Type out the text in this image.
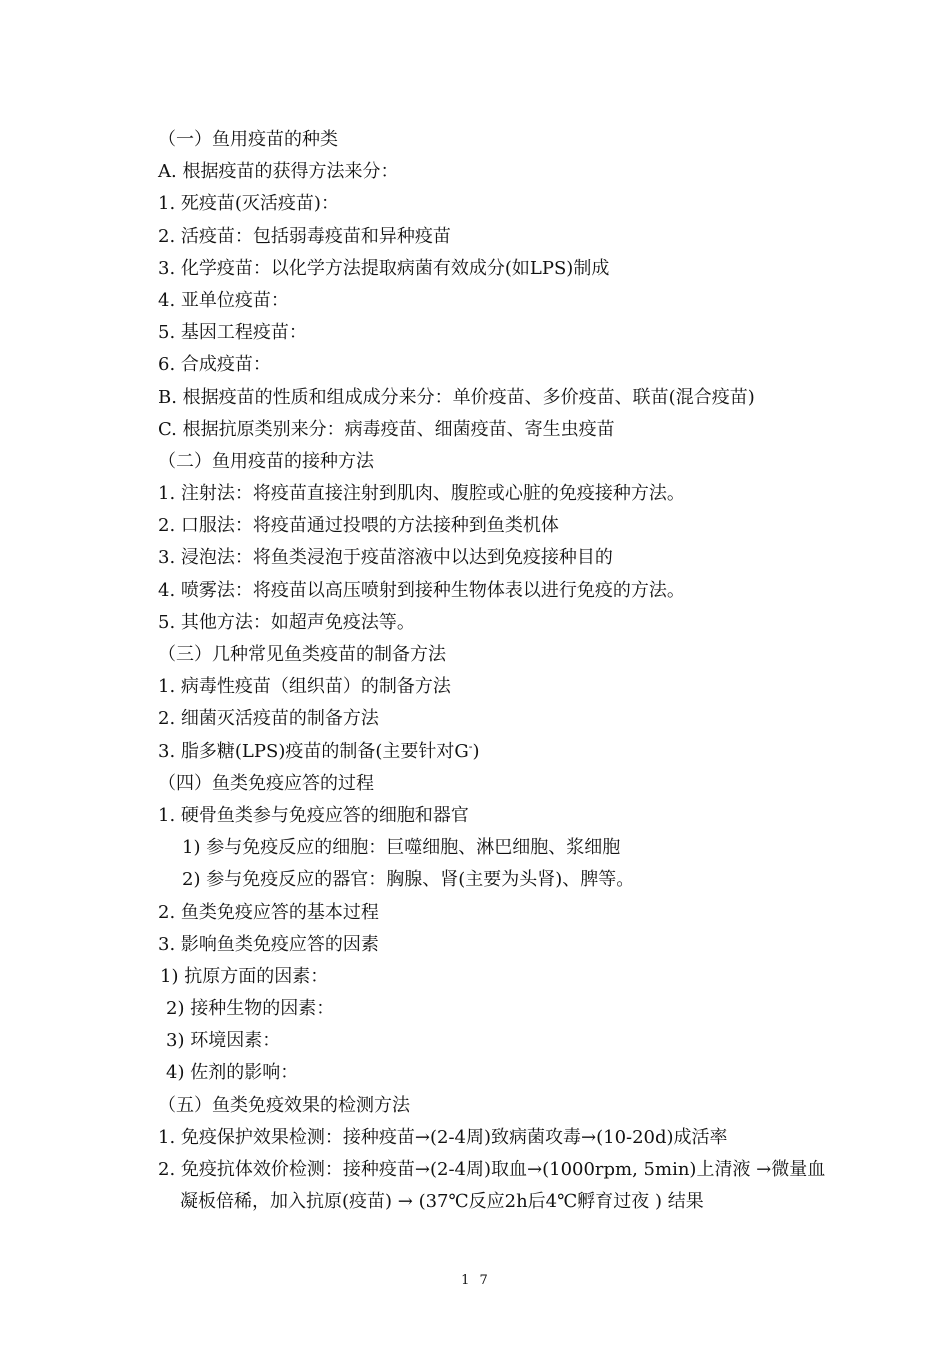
（一）鱼用疫苗的种类
A. 根据疫苗的获得方法来分：
1. 死疫苗(灭活疫苗)：
2. 活疫苗：包括弱毒疫苗和异种疫苗
3. 化学疫苗：以化学方法提取病菌有效成分(如LPS)制成
4. 亚单位疫苗：
5. 基因工程疫苗：
6. 合成疫苗：
B. 根据疫苗的性质和组成成分来分：单价疫苗、多价疫苗、联苗(混合疫苗)
C. 根据抗原类别来分：病毒疫苗、细菌疫苗、寄生虫疫苗
（二）鱼用疫苗的接种方法
1. 注射法：将疫苗直接注射到肌肉、腹腔或心脏的免疫接种方法。
2. 口服法：将疫苗通过投喂的方法接种到鱼类机体
3. 浸泡法：将鱼类浸泡于疫苗溶液中以达到免疫接种目的
4. 喷雾法：将疫苗以高压喷射到接种生物体表以进行免疫的方法。
5. 其他方法：如超声免疫法等。
（三）几种常见鱼类疫苗的制备方法
1. 病毒性疫苗（组织苗）的制备方法
2. 细菌灭活疫苗的制备方法
3. 脂多糖(LPS)疫苗的制备(主要针对G-)
（四）鱼类免疫应答的过程
1. 硬骨鱼类参与免疫应答的细胞和器官
1) 参与免疫反应的细胞：巨噬细胞、淋巴细胞、浆细胞
2) 参与免疫反应的器官：胸腺、肾(主要为头肾)、脾等。
2. 鱼类免疫应答的基本过程
3. 影响鱼类免疫应答的因素
1) 抗原方面的因素：
2) 接种生物的因素：
3) 环境因素：
4) 佐剂的影响：
（五）鱼类免疫效果的检测方法
1. 免疫保护效果检测：接种疫苗→(2-4周)致病菌攻毒→(10-20d)成活率
2. 免疫抗体效价检测：接种疫苗→(2-4周)取血→(1000rpm, 5min)上清液 →微量血
凝板倍稀，加入抗原(疫苗) → (37℃反应2h后4℃孵育过夜 ) 结果
1 7
